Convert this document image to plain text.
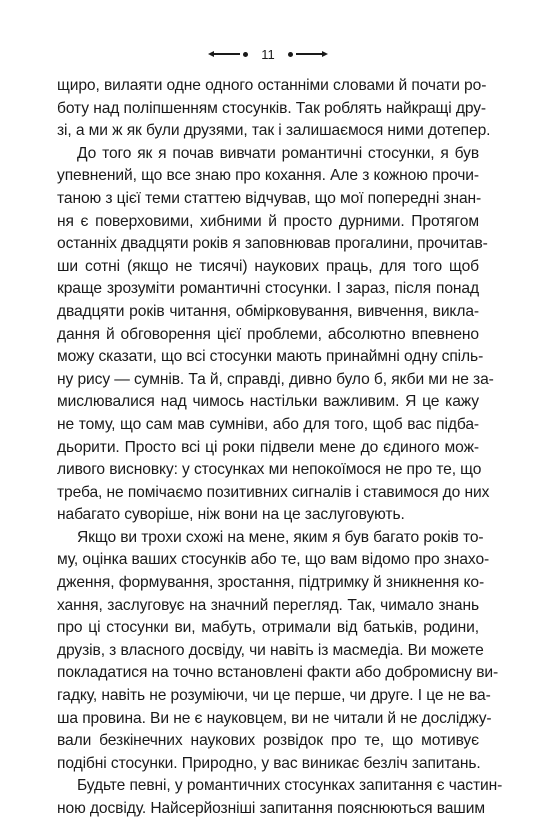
11
щиро, вилаяти одне одного останніми словами й почати ро-
боту над поліпшенням стосунків. Так роблять найкращі дру-
зі, а ми ж як були друзями, так і залишаємося ними дотепер.
До того як я почав вивчати романтичні стосунки, я був
упевнений, що все знаю про кохання. Але з кожною прочи-
таною з цієї теми статтею відчував, що мої попередні знан-
ня є поверховими, хибними й просто дурними. Протягом
останніх двадцяти років я заповнював прогалини, прочитав-
ши сотні (якщо не тисячі) наукових праць, для того щоб
краще зрозуміти романтичні стосунки. І зараз, після понад
двадцяти років читання, обмірковування, вивчення, викла-
дання й обговорення цієї проблеми, абсолютно впевнено
можу сказати, що всі стосунки мають принаймні одну спіль-
ну рису — сумнів. Та й, справді, дивно було б, якби ми не за-
мислювалися над чимось настільки важливим. Я це кажу
не тому, що сам мав сумніви, або для того, щоб вас підба-
дьорити. Просто всі ці роки підвели мене до єдиного мож-
ливого висновку: у стосунках ми непокоїмося не про те, що
треба, не помічаємо позитивних сигналів і ставимося до них
набагато суворіше, ніж вони на це заслуговують.
Якщо ви трохи схожі на мене, яким я був багато років то-
му, оцінка ваших стосунків або те, що вам відомо про знахо-
дження, формування, зростання, підтримку й зникнення ко-
хання, заслуговує на значний перегляд. Так, чимало знань
про ці стосунки ви, мабуть, отримали від батьків, родини,
друзів, з власного досвіду, чи навіть із масмедіа. Ви можете
покладатися на точно встановлені факти або добромисну ви-
гадку, навіть не розуміючи, чи це перше, чи друге. І це не ва-
ша провина. Ви не є науковцем, ви не читали й не досліджу-
вали безкінечних наукових розвідок про те, що мотивує
подібні стосунки. Природно, у вас виникає безліч запитань.
Будьте певні, у романтичних стосунках запитання є частин-
ною досвіду. Найсерйозніші запитання пояснюються вашим
